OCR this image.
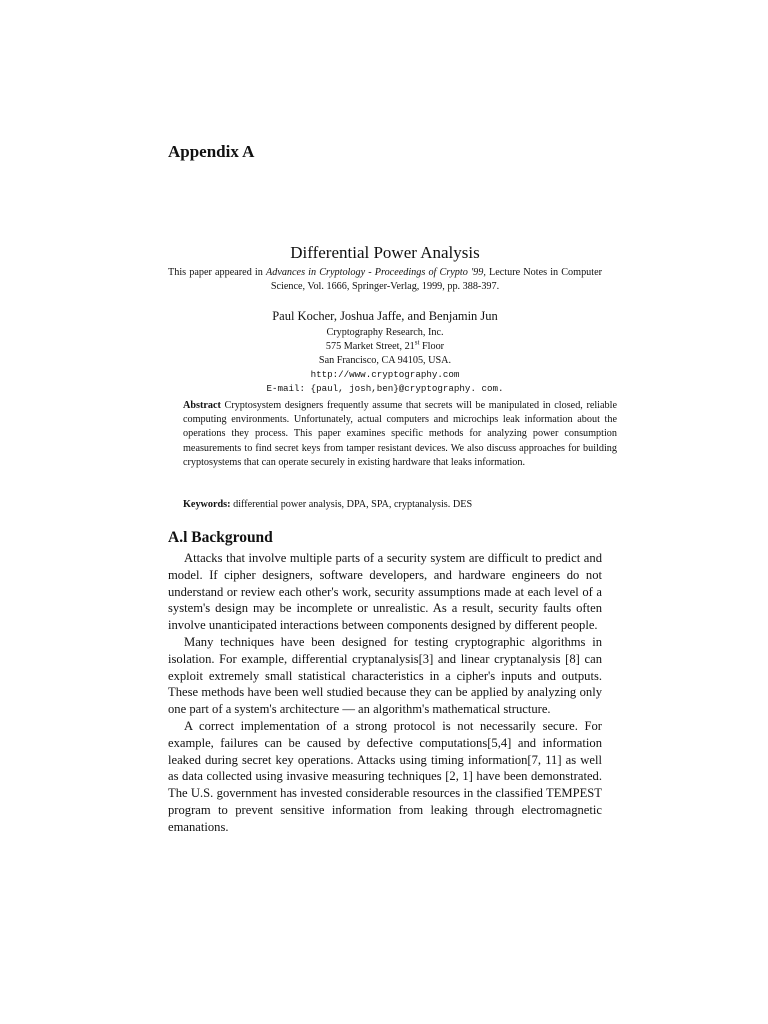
Appendix A
Differential Power Analysis

This paper appeared in Advances in Cryptology - Proceedings of Crypto '99, Lecture Notes in Computer Science, Vol. 1666, Springer-Verlag, 1999, pp. 388-397.

Paul Kocher, Joshua Jaffe, and Benjamin Jun

Cryptography Research, Inc.

575 Market Street, 21st Floor

San Francisco, CA 94105, USA.

http://www.cryptography.com

E-mail: {paul, josh,ben}@cryptography. com.

Abstract Cryptosystem designers frequently assume that secrets will be manipulated in closed, reliable computing environments. Unfortunately, actual computers and microchips leak information about the operations they process. This paper examines specific methods for analyzing power consumption measurements to find secret keys from tamper resistant devices. We also discuss approaches for building cryptosystems that can operate securely in existing hardware that leaks information.

Keywords: differential power analysis, DPA, SPA, cryptanalysis. DES

A.l Background

Attacks that involve multiple parts of a security system are difficult to predict and model. If cipher designers, software developers, and hardware engineers do not understand or review each other's work, security assumptions made at each level of a system's design may be incomplete or unrealistic. As a result, security faults often involve unanticipated interactions between components designed by different people.

Many techniques have been designed for testing cryptographic algorithms in isolation. For example, differential cryptanalysis[3] and linear cryptanalysis [8] can exploit extremely small statistical characteristics in a cipher's inputs and outputs. These methods have been well studied because they can be applied by analyzing only one part of a system's architecture — an algorithm's mathematical structure.

A correct implementation of a strong protocol is not necessarily secure. For example, failures can be caused by defective computations[5,4] and information leaked during secret key operations. Attacks using timing information[7, 11] as well as data collected using invasive measuring techniques [2, 1] have been demonstrated. The U.S. government has invested considerable resources in the classified TEMPEST program to prevent sensitive information from leaking through electromagnetic emanations.
